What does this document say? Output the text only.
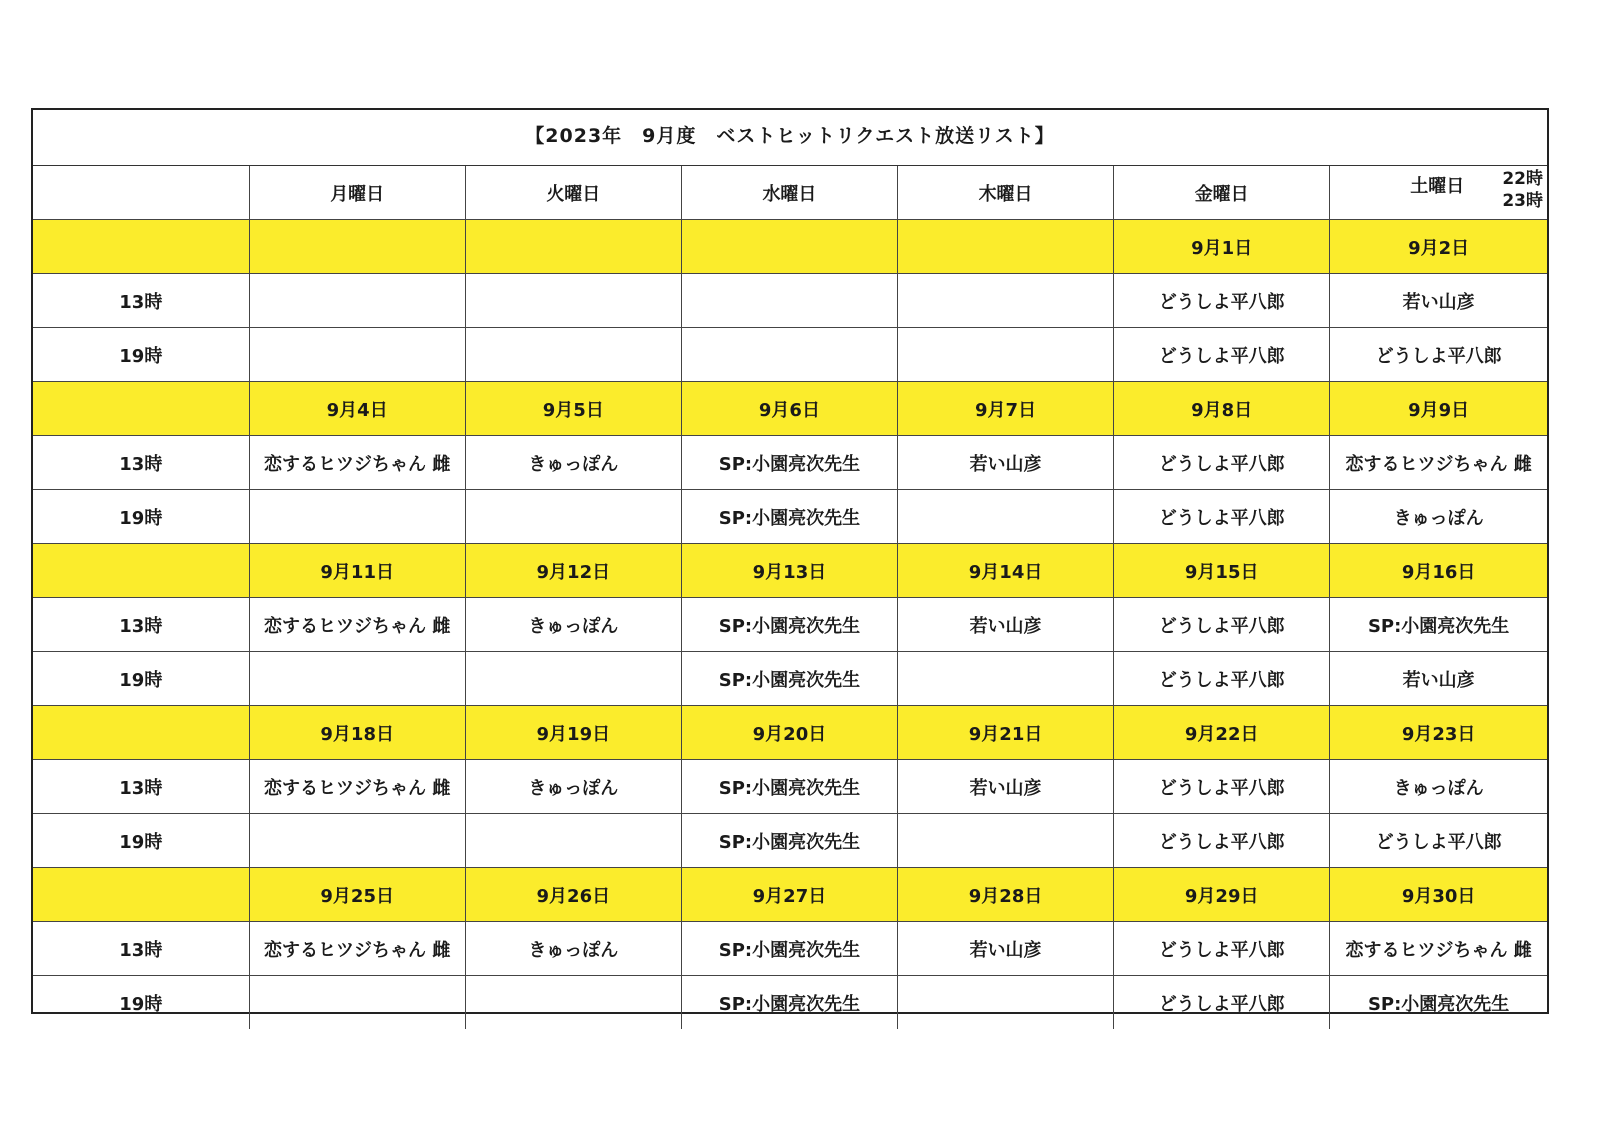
【2023年　9月度　ベストヒットリクエスト放送リスト】
	月曜日	火曜日	水曜日	木曜日	金曜日	土曜日 22時
23時

					9月1日	9月2日
13時					どうしよ平八郎	若い山彦
19時					どうしよ平八郎	どうしよ平八郎
	9月4日	9月5日	9月6日	9月7日	9月8日	9月9日
13時	恋するヒツジちゃん 雌	きゅっぽん	SP:小園亮次先生	若い山彦	どうしよ平八郎	恋するヒツジちゃん 雌
19時			SP:小園亮次先生		どうしよ平八郎	きゅっぽん
	9月11日	9月12日	9月13日	9月14日	9月15日	9月16日
13時	恋するヒツジちゃん 雌	きゅっぽん	SP:小園亮次先生	若い山彦	どうしよ平八郎	SP:小園亮次先生
19時			SP:小園亮次先生		どうしよ平八郎	若い山彦
	9月18日	9月19日	9月20日	9月21日	9月22日	9月23日
13時	恋するヒツジちゃん 雌	きゅっぽん	SP:小園亮次先生	若い山彦	どうしよ平八郎	きゅっぽん
19時			SP:小園亮次先生		どうしよ平八郎	どうしよ平八郎
	9月25日	9月26日	9月27日	9月28日	9月29日	9月30日
13時	恋するヒツジちゃん 雌	きゅっぽん	SP:小園亮次先生	若い山彦	どうしよ平八郎	恋するヒツジちゃん 雌
19時			SP:小園亮次先生		どうしよ平八郎	SP:小園亮次先生
